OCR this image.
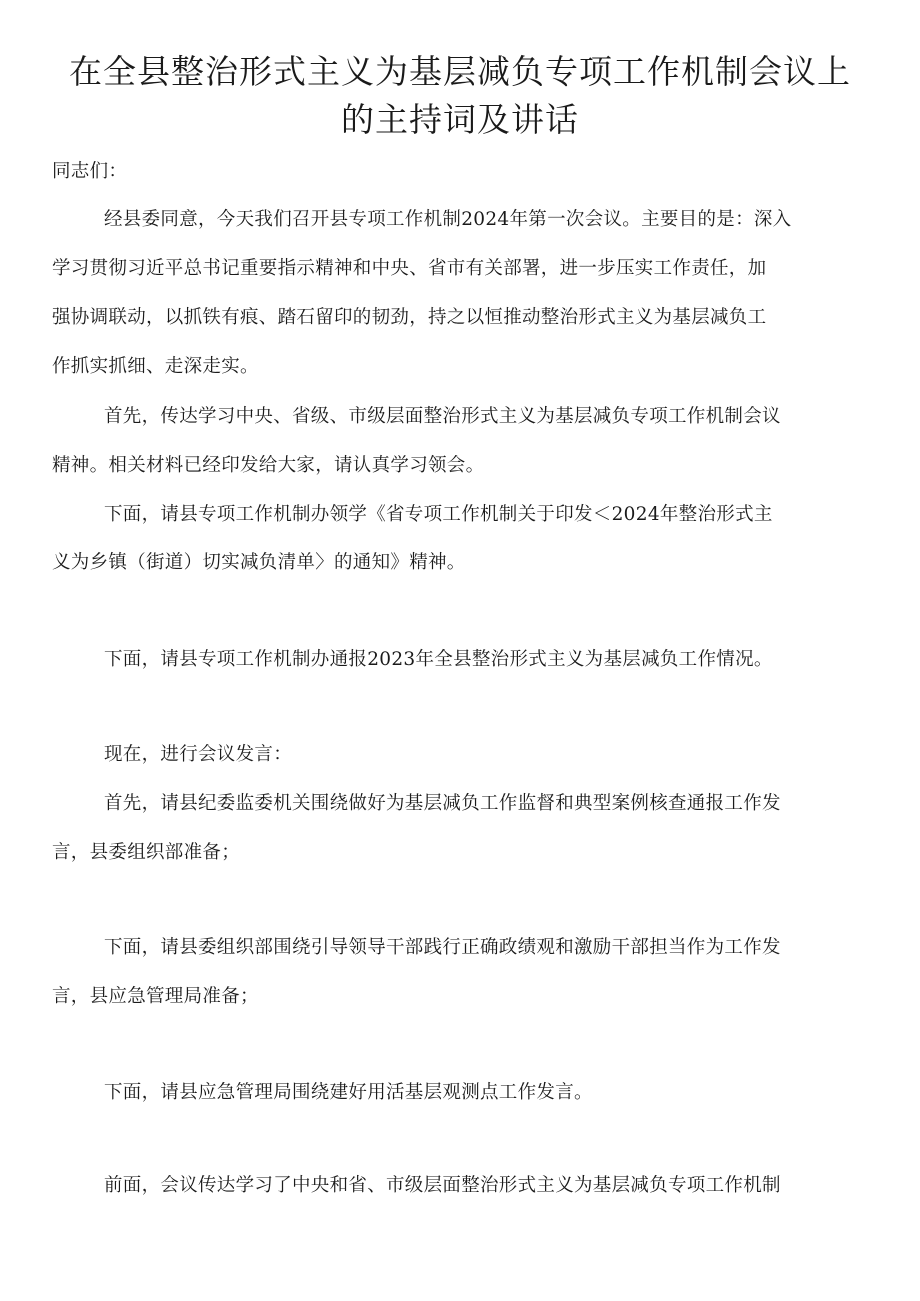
在全县整治形式主义为基层减负专项工作机制会议上
的主持词及讲话
同志们：
经县委同意，今天我们召开县专项工作机制2024年第一次会议。主要目的是：深入
学习贯彻习近平总书记重要指示精神和中央、省市有关部署，进一步压实工作责任，加
强协调联动，以抓铁有痕、踏石留印的韧劲，持之以恒推动整治形式主义为基层减负工
作抓实抓细、走深走实。
首先，传达学习中央、省级、市级层面整治形式主义为基层减负专项工作机制会议
精神。相关材料已经印发给大家，请认真学习领会。
下面，请县专项工作机制办领学《省专项工作机制关于印发＜2024年整治形式主
义为乡镇（街道）切实减负清单〉的通知》精神。
下面，请县专项工作机制办通报2023年全县整治形式主义为基层减负工作情况。
现在，进行会议发言：
首先，请县纪委监委机关围绕做好为基层减负工作监督和典型案例核查通报工作发
言，县委组织部准备；
下面，请县委组织部围绕引导领导干部践行正确政绩观和激励干部担当作为工作发
言，县应急管理局准备；
下面，请县应急管理局围绕建好用活基层观测点工作发言。
前面，会议传达学习了中央和省、市级层面整治形式主义为基层减负专项工作机制
